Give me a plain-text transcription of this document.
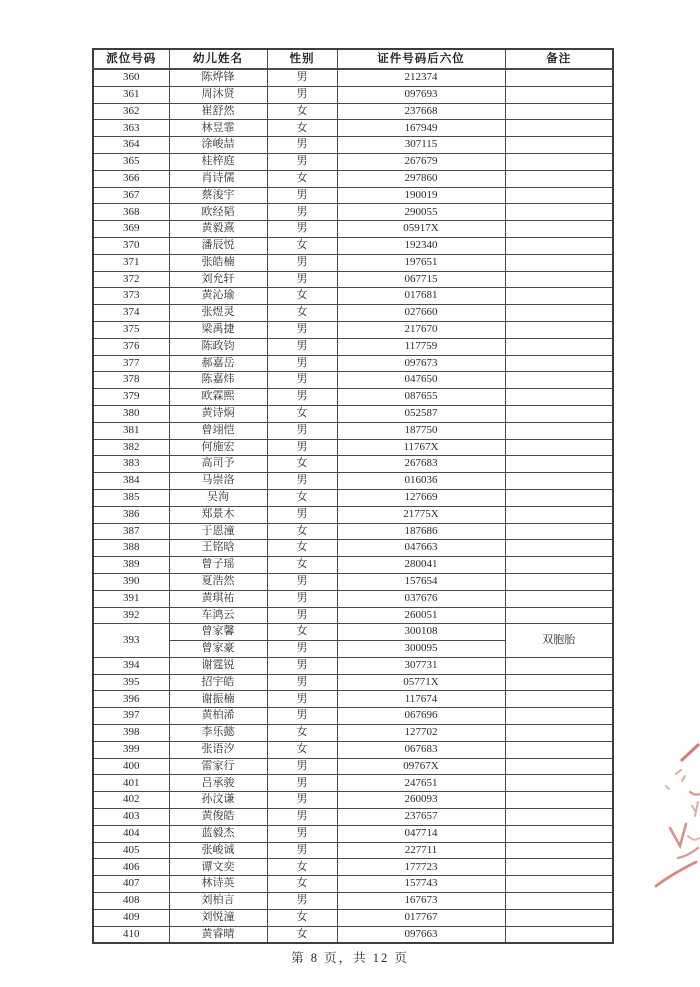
派位号码	幼儿姓名	性别	证件号码后六位	备注
360	陈烨锋	男	212374	
361	周沐贤	男	097693	
362	崔舒然	女	237668	
363	林昱霏	女	167949	
364	涂峻喆	男	307115	
365	桂梓庭	男	267679	
366	肖诗儒	女	297860	
367	蔡浚宇	男	190019	
368	欧经韬	男	290055	
369	黄毅熹	男	05917X	
370	潘辰悦	女	192340	
371	张皓楠	男	197651	
372	刘允轩	男	067715	
373	黄沁瑜	女	017681	
374	张煜灵	女	027660	
375	梁禹捷	男	217670	
376	陈政钧	男	117759	
377	郝嘉岳	男	097673	
378	陈嘉炜	男	047650	
379	欧霖熙	男	087655	
380	黄诗焖	女	052587	
381	曾翊恺	男	187750	
382	何施宏	男	11767X	
383	高司予	女	267683	
384	马崇洛	男	016036	
385	吴洵	女	127669	
386	郑景木	男	21775X	
387	于恩潼	女	187686	
388	王铭晗	女	047663	
389	曾子瑶	女	280041	
390	夏浩然	男	157654	
391	黄琪祐	男	037676	
392	车鸿云	男	260051	
393	曾家馨	女	300108	双胞胎
	曾家豪	男	300095	
394	谢霆锐	男	307731	
395	招宇皓	男	05771X	
396	谢振楠	男	117674	
397	黄柏浠	男	067696	
398	李乐懿	女	127702	
399	张语汐	女	067683	
400	雷家行	男	09767X	
401	吕承骏	男	247651	
402	孙汶谦	男	260093	
403	黄俊皓	男	237657	
404	蓝毅杰	男	047714	
405	张峻诚	男	227711	
406	谭文奕	女	177723	
407	林诗英	女	157743	
408	刘柏言	男	167673	
409	刘悦潼	女	017767	
410	黄睿晴	女	097663	
第 8 页，共 12 页
